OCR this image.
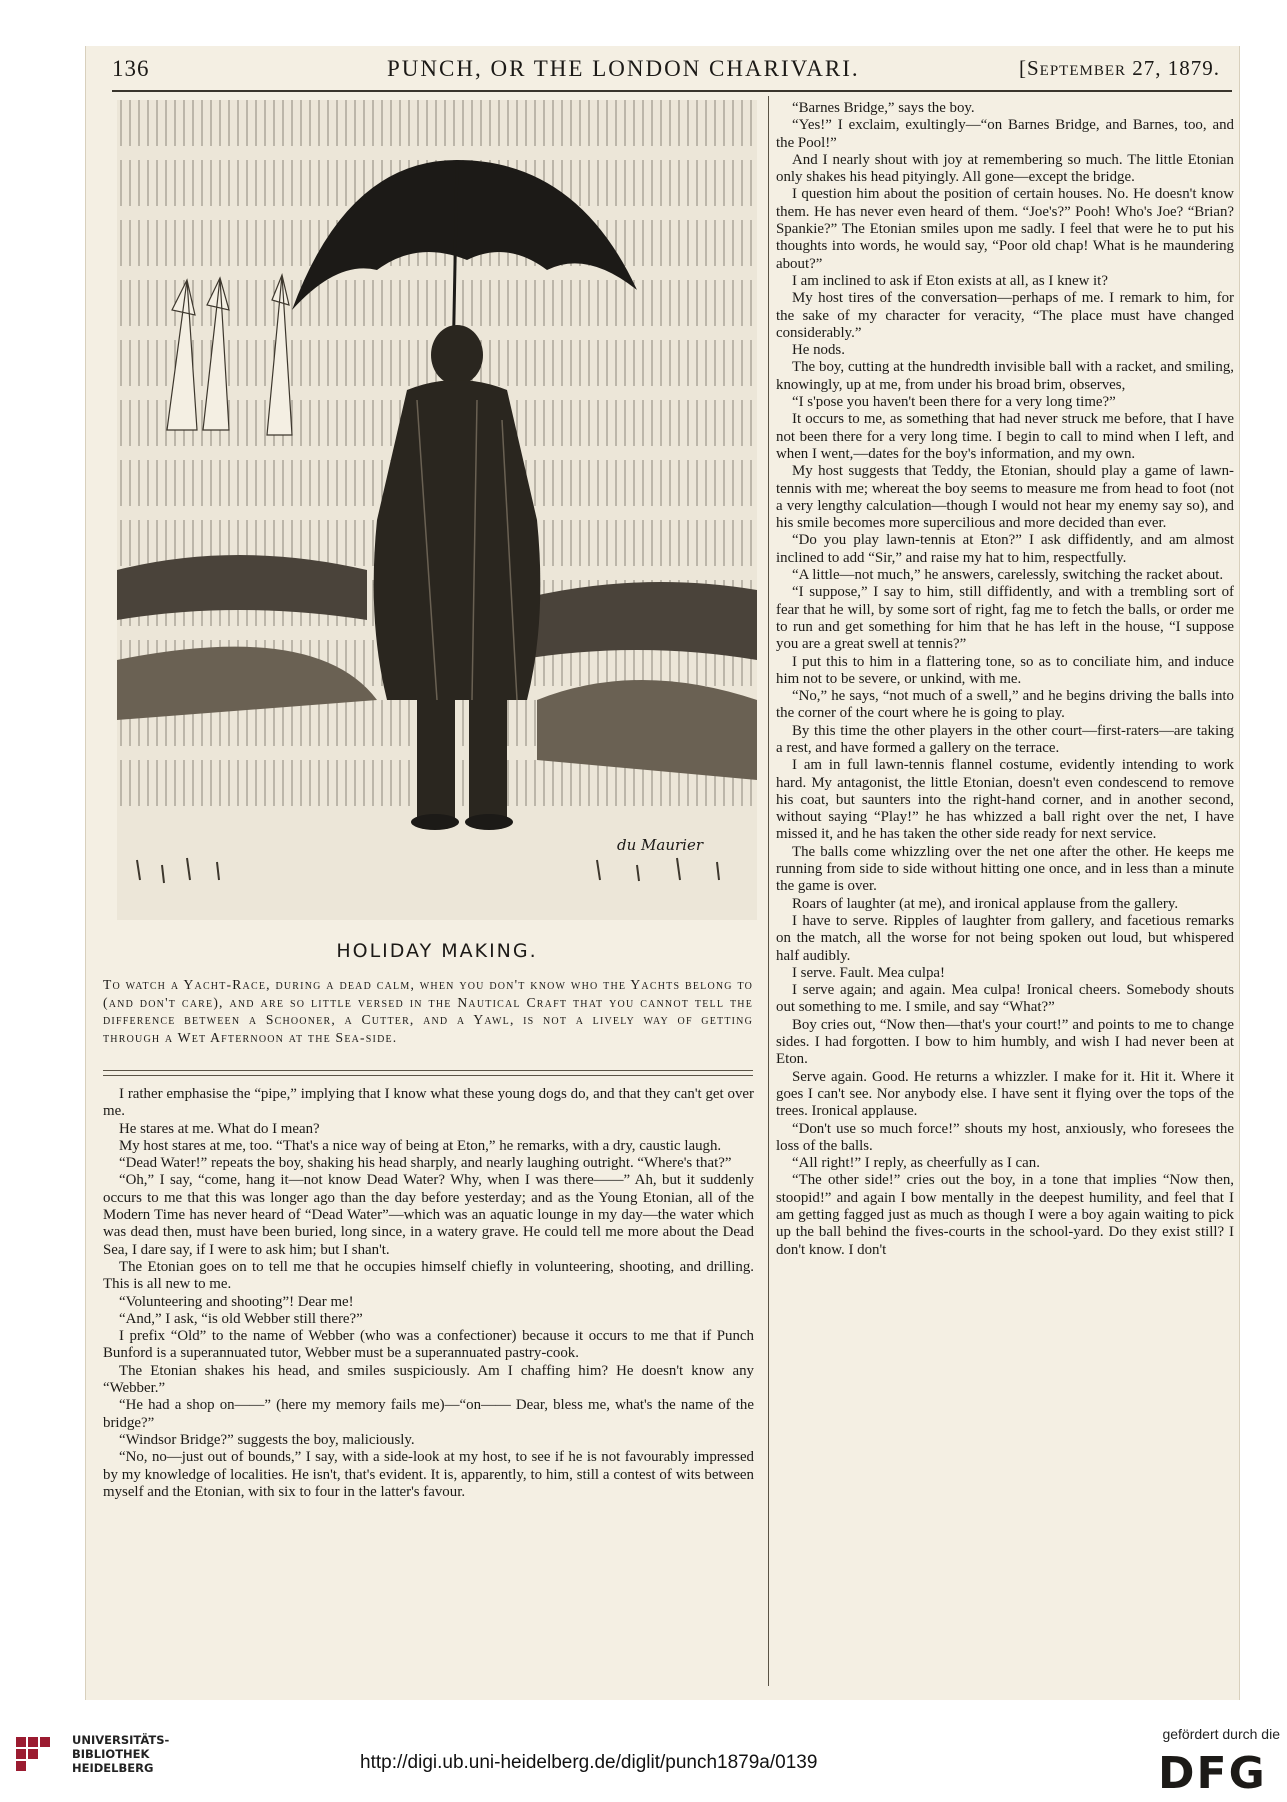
136	PUNCH, OR THE LONDON CHARIVARI.	[September 27, 1879.
du Maurier
HOLIDAY MAKING.
To watch a Yacht-Race, during a dead calm, when you don't know who the Yachts belong to (and don't care), and are so little versed in the Nautical Craft that you cannot tell the difference between a Schooner, a Cutter, and a Yawl, is not a lively way of getting through a Wet Afternoon at the Sea-side.

I rather emphasise the “pipe,” implying that I know what these young dogs do, and that they can't get over me.

He stares at me. What do I mean?

My host stares at me, too. “That's a nice way of being at Eton,” he remarks, with a dry, caustic laugh.

“Dead Water!” repeats the boy, shaking his head sharply, and nearly laughing outright. “Where's that?”

“Oh,” I say, “come, hang it—not know Dead Water? Why, when I was there——” Ah, but it suddenly occurs to me that this was longer ago than the day before yesterday; and as the Young Etonian, all of the Modern Time has never heard of “Dead Water”—which was an aquatic lounge in my day—the water which was dead then, must have been buried, long since, in a watery grave. He could tell me more about the Dead Sea, I dare say, if I were to ask him; but I shan't.

The Etonian goes on to tell me that he occupies himself chiefly in volunteering, shooting, and drilling. This is all new to me.

“Volunteering and shooting”! Dear me!

“And,” I ask, “is old Webber still there?”

I prefix “Old” to the name of Webber (who was a confectioner) because it occurs to me that if Punch Bunford is a superannuated tutor, Webber must be a superannuated pastry-cook.

The Etonian shakes his head, and smiles suspiciously. Am I chaffing him? He doesn't know any “Webber.”

“He had a shop on——” (here my memory fails me)—“on—— Dear, bless me, what's the name of the bridge?”

“Windsor Bridge?” suggests the boy, maliciously.

“No, no—just out of bounds,” I say, with a side-look at my host, to see if he is not favourably impressed by my knowledge of localities. He isn't, that's evident. It is, apparently, to him, still a contest of wits between myself and the Etonian, with six to four in the latter's favour.

“Barnes Bridge,” says the boy.

“Yes!” I exclaim, exultingly—“on Barnes Bridge, and Barnes, too, and the Pool!”

And I nearly shout with joy at remembering so much. The little Etonian only shakes his head pityingly. All gone—except the bridge.

I question him about the position of certain houses. No. He doesn't know them. He has never even heard of them. “Joe's?” Pooh! Who's Joe? “Brian? Spankie?” The Etonian smiles upon me sadly. I feel that were he to put his thoughts into words, he would say, “Poor old chap! What is he maundering about?”

I am inclined to ask if Eton exists at all, as I knew it?

My host tires of the conversation—perhaps of me. I remark to him, for the sake of my character for veracity, “The place must have changed considerably.”

He nods.

The boy, cutting at the hundredth invisible ball with a racket, and smiling, knowingly, up at me, from under his broad brim, observes,

“I s'pose you haven't been there for a very long time?”

It occurs to me, as something that had never struck me before, that I have not been there for a very long time. I begin to call to mind when I left, and when I went,—dates for the boy's information, and my own.

My host suggests that Teddy, the Etonian, should play a game of lawn-tennis with me; whereat the boy seems to measure me from head to foot (not a very lengthy calculation—though I would not hear my enemy say so), and his smile becomes more supercilious and more decided than ever.

“Do you play lawn-tennis at Eton?” I ask diffidently, and am almost inclined to add “Sir,” and raise my hat to him, respectfully.

“A little—not much,” he answers, carelessly, switching the racket about.

“I suppose,” I say to him, still diffidently, and with a trembling sort of fear that he will, by some sort of right, fag me to fetch the balls, or order me to run and get something for him that he has left in the house, “I suppose you are a great swell at tennis?”

I put this to him in a flattering tone, so as to conciliate him, and induce him not to be severe, or unkind, with me.

“No,” he says, “not much of a swell,” and he begins driving the balls into the corner of the court where he is going to play.

By this time the other players in the other court—first-raters—are taking a rest, and have formed a gallery on the terrace.

I am in full lawn-tennis flannel costume, evidently intending to work hard. My antagonist, the little Etonian, doesn't even condescend to remove his coat, but saunters into the right-hand corner, and in another second, without saying “Play!” he has whizzed a ball right over the net, I have missed it, and he has taken the other side ready for next service.

The balls come whizzling over the net one after the other. He keeps me running from side to side without hitting one once, and in less than a minute the game is over.

Roars of laughter (at me), and ironical applause from the gallery.

I have to serve. Ripples of laughter from gallery, and facetious remarks on the match, all the worse for not being spoken out loud, but whispered half audibly.

I serve. Fault. Mea culpa!

I serve again; and again. Mea culpa! Ironical cheers. Somebody shouts out something to me. I smile, and say “What?”

Boy cries out, “Now then—that's your court!” and points to me to change sides. I had forgotten. I bow to him humbly, and wish I had never been at Eton.

Serve again. Good. He returns a whizzler. I make for it. Hit it. Where it goes I can't see. Nor anybody else. I have sent it flying over the tops of the trees. Ironical applause.

“Don't use so much force!” shouts my host, anxiously, who foresees the loss of the balls.

“All right!” I reply, as cheerfully as I can.

“The other side!” cries out the boy, in a tone that implies “Now then, stoopid!” and again I bow mentally in the deepest humility, and feel that I am getting fagged just as much as though I were a boy again waiting to pick up the ball behind the fives-courts in the school-yard. Do they exist still? I don't know. I don't

UNIVERSITÄTS-
BIBLIOTHEK
HEIDELBERG	http://digi.ub.uni-heidelberg.de/diglit/punch1879a/0139
gefördert durch die
DFG
